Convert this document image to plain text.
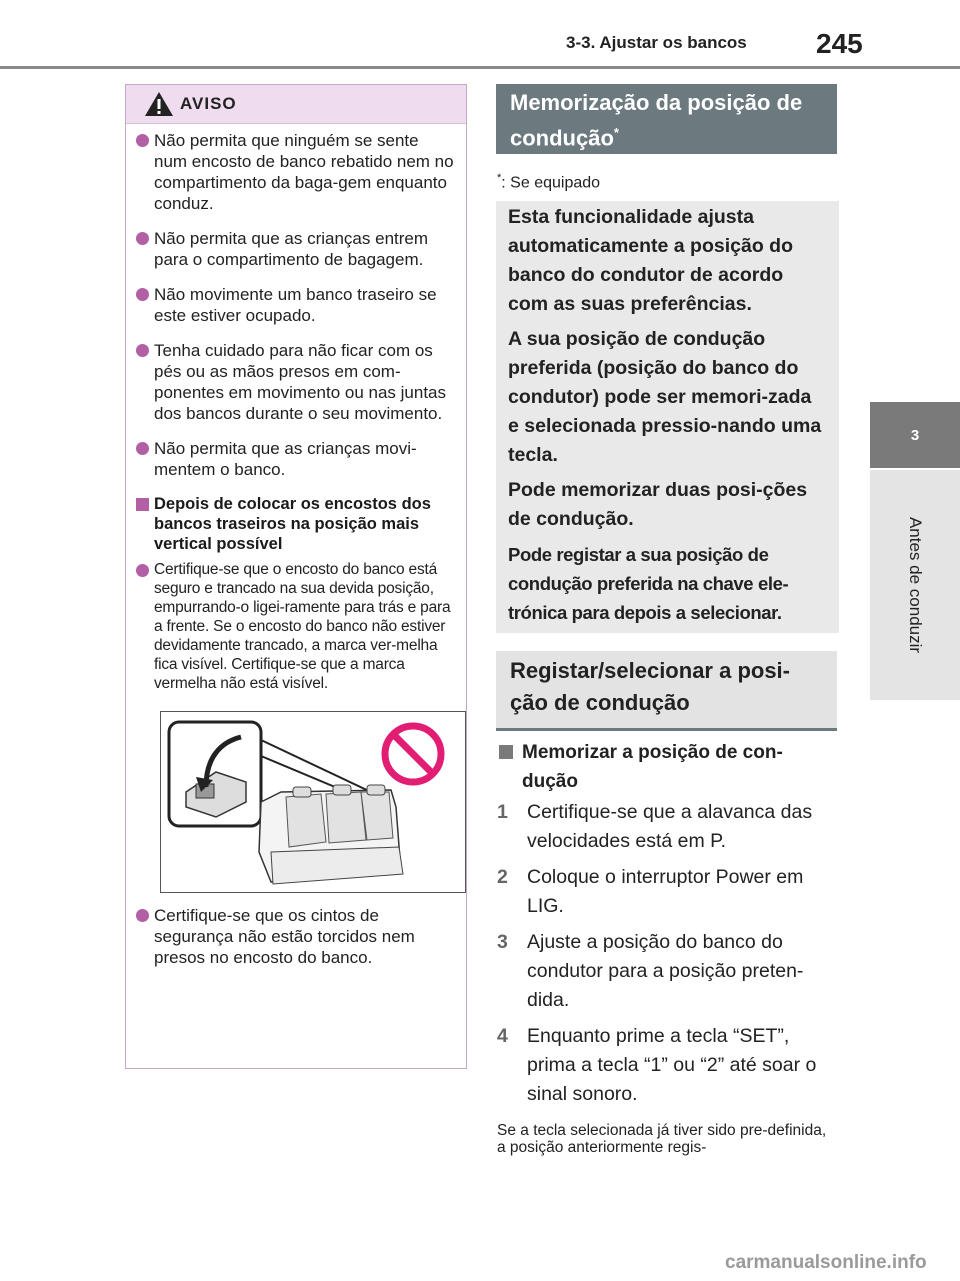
3-3. Ajustar os bancos 245
3
Antes de conduzir
AVISO
Não permita que ninguém se sente num encosto de banco rebatido nem no compartimento da baga-gem enquanto conduz.
Não permita que as crianças entrem para o compartimento de bagagem.
Não movimente um banco traseiro se este estiver ocupado.
Tenha cuidado para não ficar com os pés ou as mãos presos em com-ponentes em movimento ou nas juntas dos bancos durante o seu movimento.
Não permita que as crianças movi-mentem o banco.
Depois de colocar os encostos dos bancos traseiros na posição mais vertical possível
Certifique-se que o encosto do banco está seguro e trancado na sua devida posição, empurrando-o ligei-ramente para trás e para a frente. Se o encosto do banco não estiver devidamente trancado, a marca ver-melha fica visível. Certifique-se que a marca vermelha não está visível.
Certifique-se que os cintos de segurança não estão torcidos nem presos no encosto do banco.
Memorização da posição de condução*
*: Se equipado

Esta funcionalidade ajusta automaticamente a posição do banco do condutor de acordo com as suas preferências.

A sua posição de condução preferida (posição do banco do condutor) pode ser memori-zada e selecionada pressio-nando uma tecla.

Pode memorizar duas posi-ções de condução.

Pode registar a sua posição de condução preferida na chave ele-trónica para depois a selecionar.

Registar/selecionar a posi-ção de condução
Memorizar a posição de con-dução
1 Certifique-se que a alavanca das velocidades está em P.
2 Coloque o interruptor Power em LIG.
3 Ajuste a posição do banco do condutor para a posição preten-dida.
4 Enquanto prime a tecla “SET”, prima a tecla “1” ou “2” até soar o sinal sonoro.
Se a tecla selecionada já tiver sido pre-definida, a posição anteriormente regis-
carmanualsonline.info
